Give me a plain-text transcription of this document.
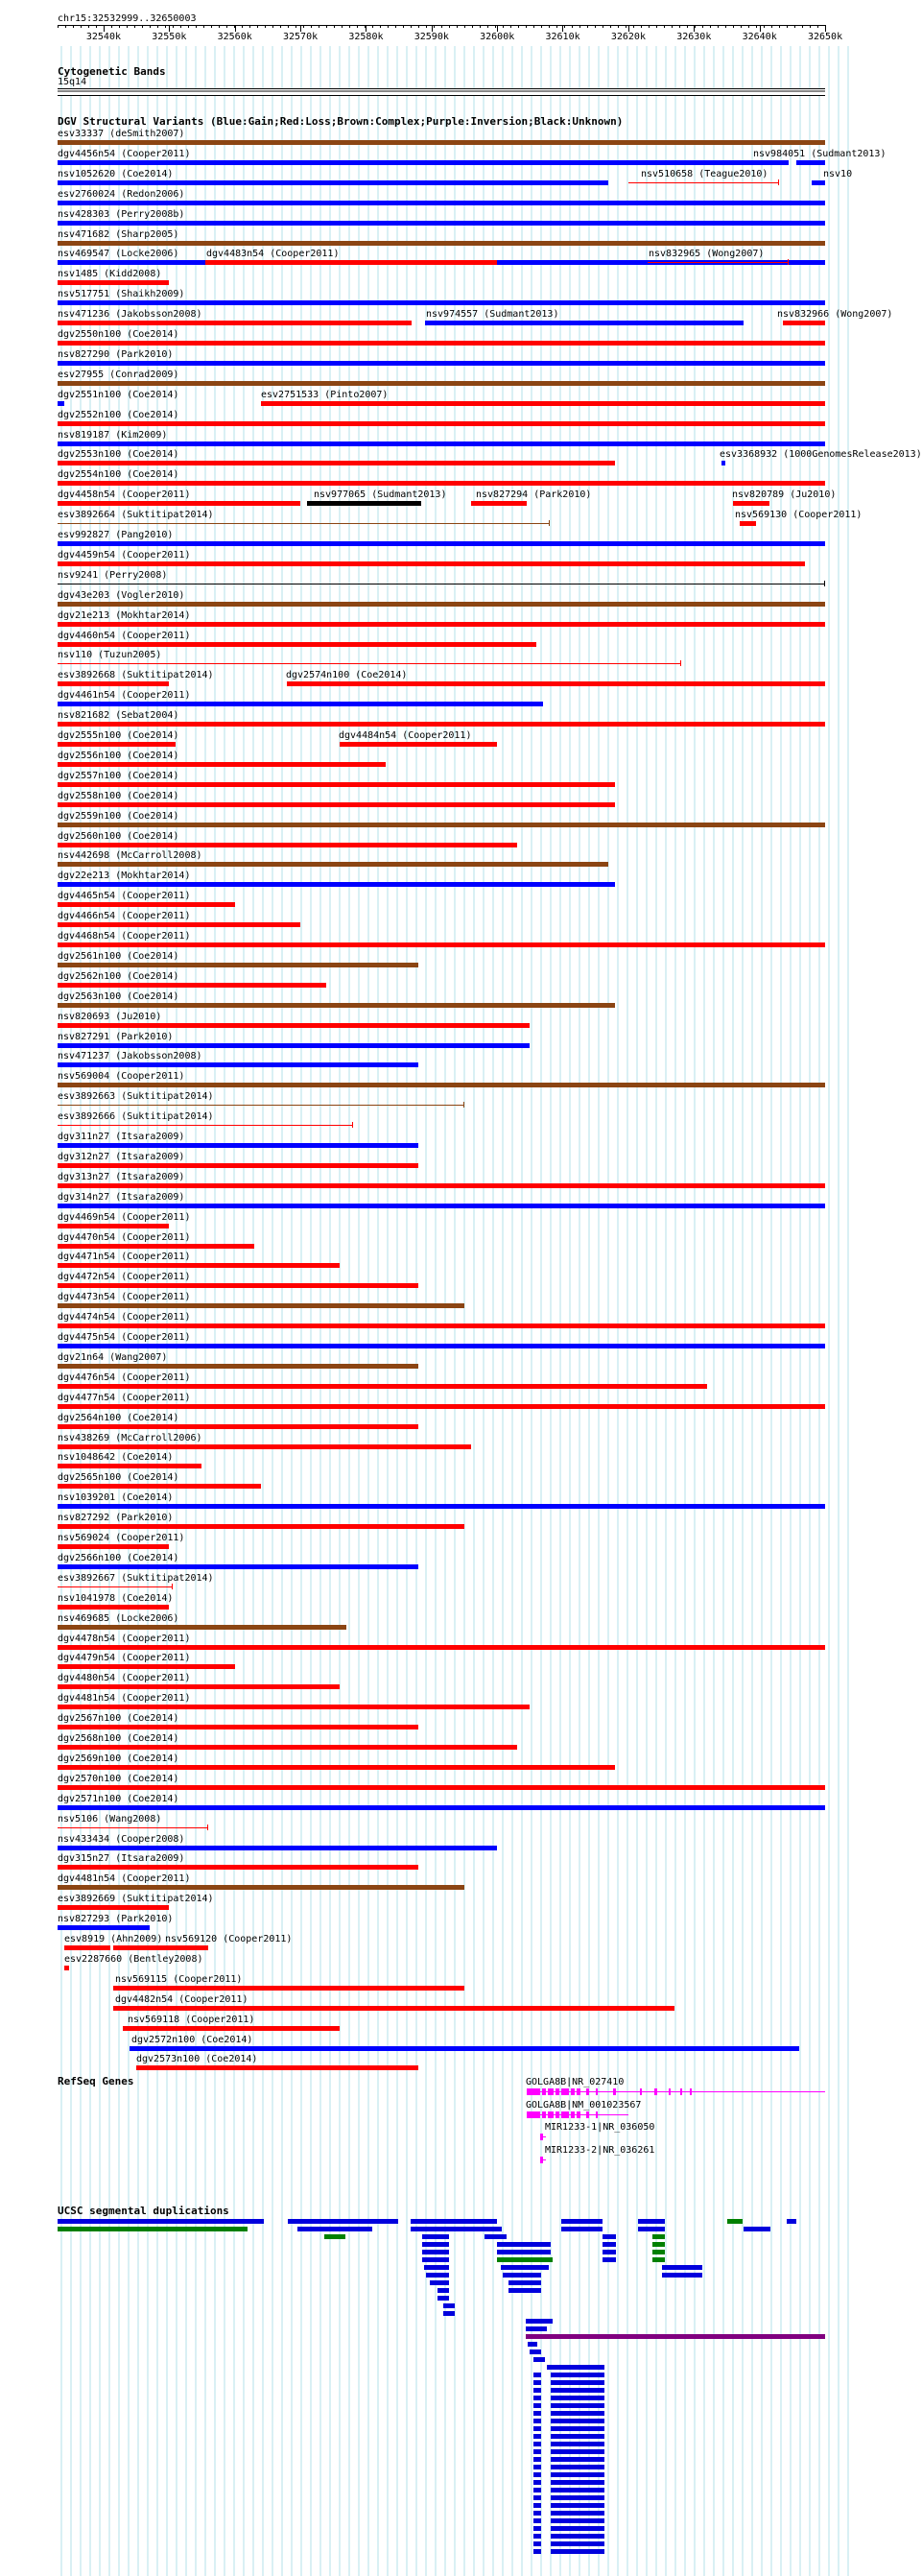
chr15:32532999..32650003
32540k	32550k	32560k	32570k	32580k	32590k	32600k	32610k	32620k	32630k	32640k	32650k
Cytogenetic Bands
15q14
DGV Structural Variants (Blue:Gain;Red:Loss;Brown:Complex;Purple:Inversion;Black:Unknown)
esv33337 (deSmith2007)
dgv4456n54 (Cooper2011)	nsv984051 (Sudmant2013)
nsv1052620 (Coe2014)	nsv510658 (Teague2010)	nsv10
esv2760024 (Redon2006)
nsv428303 (Perry2008b)
nsv471682 (Sharp2005)
nsv469547 (Locke2006)	dgv4483n54 (Cooper2011)	nsv832965 (Wong2007)
nsv1485 (Kidd2008)
nsv517751 (Shaikh2009)
nsv471236 (Jakobsson2008)	nsv974557 (Sudmant2013)	nsv832966 (Wong2007)
dgv2550n100 (Coe2014)
nsv827290 (Park2010)
esv27955 (Conrad2009)
dgv2551n100 (Coe2014)	esv2751533 (Pinto2007)
dgv2552n100 (Coe2014)
nsv819187 (Kim2009)
dgv2553n100 (Coe2014)	esv3368932 (1000GenomesRelease2013)
dgv2554n100 (Coe2014)
dgv4458n54 (Cooper2011)	nsv977065 (Sudmant2013)	nsv827294 (Park2010)	nsv820789 (Ju2010)
esv3892664 (Suktitipat2014)	nsv569130 (Cooper2011)
esv992827 (Pang2010)
dgv4459n54 (Cooper2011)
nsv9241 (Perry2008)
dgv43e203 (Vogler2010)
dgv21e213 (Mokhtar2014)
dgv4460n54 (Cooper2011)
nsv110 (Tuzun2005)
esv3892668 (Suktitipat2014)	dgv2574n100 (Coe2014)
dgv4461n54 (Cooper2011)
nsv821682 (Sebat2004)
dgv2555n100 (Coe2014)	dgv4484n54 (Cooper2011)
dgv2556n100 (Coe2014)
dgv2557n100 (Coe2014)
dgv2558n100 (Coe2014)
dgv2559n100 (Coe2014)
dgv2560n100 (Coe2014)
nsv442698 (McCarroll2008)
dgv22e213 (Mokhtar2014)
dgv4465n54 (Cooper2011)
dgv4466n54 (Cooper2011)
dgv4468n54 (Cooper2011)
dgv2561n100 (Coe2014)
dgv2562n100 (Coe2014)
dgv2563n100 (Coe2014)
nsv820693 (Ju2010)
nsv827291 (Park2010)
nsv471237 (Jakobsson2008)
nsv569004 (Cooper2011)
esv3892663 (Suktitipat2014)
esv3892666 (Suktitipat2014)
dgv311n27 (Itsara2009)
dgv312n27 (Itsara2009)
dgv313n27 (Itsara2009)
dgv314n27 (Itsara2009)
dgv4469n54 (Cooper2011)
dgv4470n54 (Cooper2011)
dgv4471n54 (Cooper2011)
dgv4472n54 (Cooper2011)
dgv4473n54 (Cooper2011)
dgv4474n54 (Cooper2011)
dgv4475n54 (Cooper2011)
dgv21n64 (Wang2007)
dgv4476n54 (Cooper2011)
dgv4477n54 (Cooper2011)
dgv2564n100 (Coe2014)
nsv438269 (McCarroll2006)
nsv1048642 (Coe2014)
dgv2565n100 (Coe2014)
nsv1039201 (Coe2014)
nsv827292 (Park2010)
nsv569024 (Cooper2011)
dgv2566n100 (Coe2014)
esv3892667 (Suktitipat2014)
nsv1041978 (Coe2014)
nsv469685 (Locke2006)
dgv4478n54 (Cooper2011)
dgv4479n54 (Cooper2011)
dgv4480n54 (Cooper2011)
dgv4481n54 (Cooper2011)
dgv2567n100 (Coe2014)
dgv2568n100 (Coe2014)
dgv2569n100 (Coe2014)
dgv2570n100 (Coe2014)
dgv2571n100 (Coe2014)
nsv5106 (Wang2008)
nsv433434 (Cooper2008)
dgv315n27 (Itsara2009)
dgv4481n54 (Cooper2011)
esv3892669 (Suktitipat2014)
nsv827293 (Park2010)
esv8919 (Ahn2009) nsv569120 (Cooper2011)
esv2287660 (Bentley2008)
nsv569115 (Cooper2011)
dgv4482n54 (Cooper2011)
nsv569118 (Cooper2011)
dgv2572n100 (Coe2014)
dgv2573n100 (Coe2014)
RefSeq Genes	GOLGA8B|NR_027410
GOLGA8B|NM_001023567
MIR1233-1|NR_036050
MIR1233-2|NR_036261
UCSC segmental duplications
